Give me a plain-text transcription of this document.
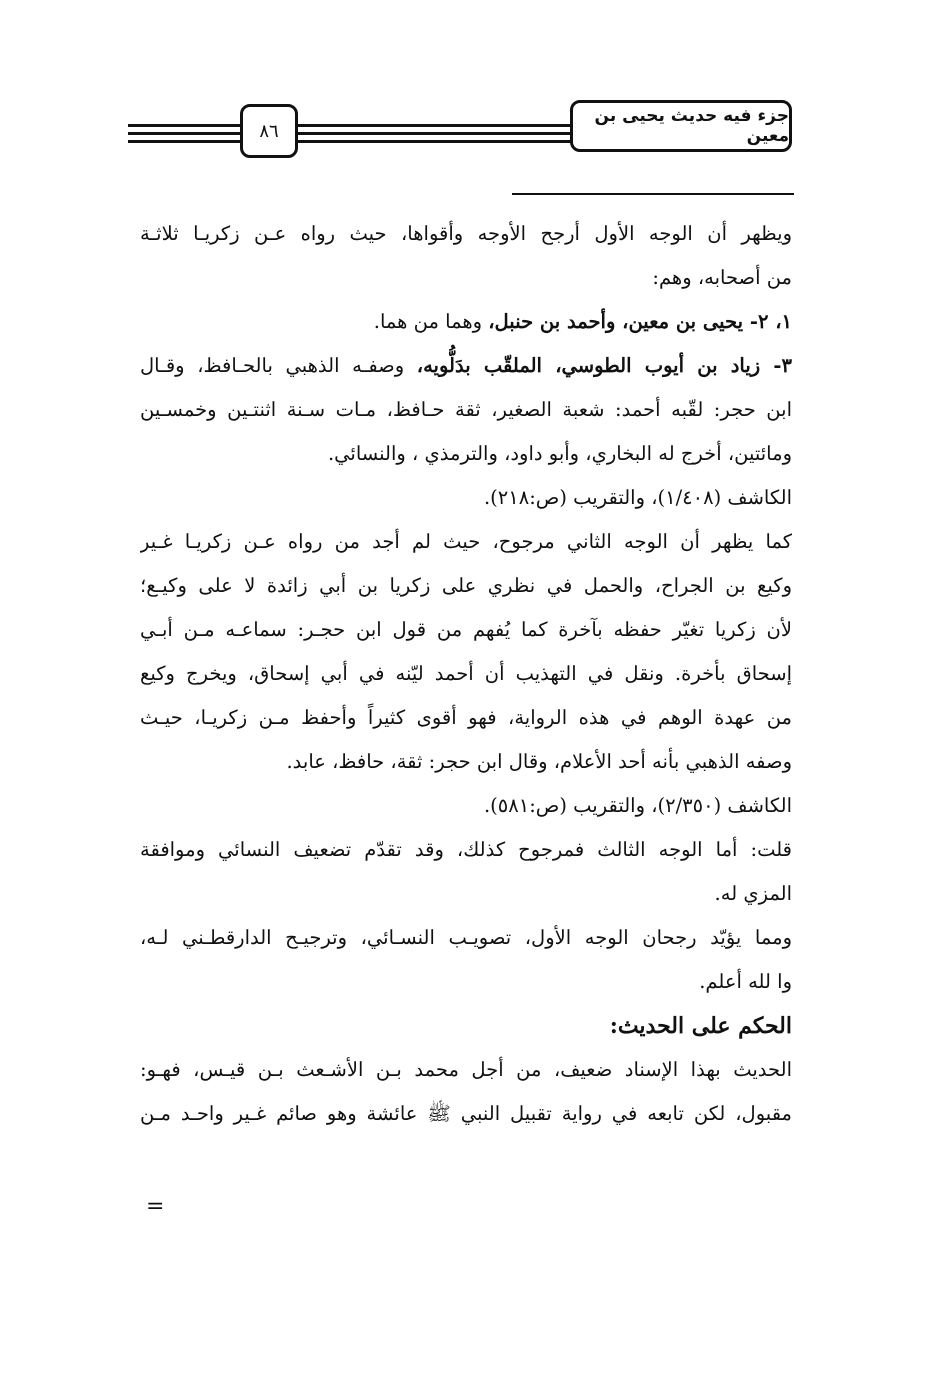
جزء فيه حديث يحيى بن معين
٨٦
ويظهر أن الوجه الأول أرجح الأوجه وأقواها، حيث رواه عـن زكريـا ثلاثـة
من أصحابه، وهم:
١، ٢- يحيى بن معين، وأحمد بن حنبل، وهما من هما.
٣- زياد بن أيوب الطوسي، الملقّب بدَلُّويه، وصفـه الذهبي بالحـافظ، وقـال
ابن حجر: لقّبه أحمد: شعبة الصغير، ثقة حـافظ، مـات سـنة اثنتـين وخمسـين
ومائتين، أخرج له البخاري، وأبو داود، والترمذي ، والنسائي.
الكاشف (١/٤٠٨)، والتقريب (ص:٢١٨).
كما يظهر أن الوجه الثاني مرجوح، حيث لم أجد من رواه عـن زكريـا غـير
وكيع بن الجراح، والحمل في نظري على زكريا بن أبي زائدة لا على وكيـع؛
لأن زكريا تغيّر حفظه بآخرة كما يُفهم من قول ابن حجـر: سماعـه مـن أبـي
إسحاق بأخرة. ونقل في التهذيب أن أحمد ليّنه في أبي إسحاق، ويخرج وكيع
من عهدة الوهم في هذه الرواية، فهو أقوى كثيراً وأحفظ مـن زكريـا، حيـث
وصفه الذهبي بأنه أحد الأعلام، وقال ابن حجر: ثقة، حافظ، عابد.
الكاشف (٢/٣٥٠)، والتقريب (ص:٥٨١).
قلت: أما الوجه الثالث فمرجوح كذلك، وقد تقدّم تضعيف النسائي وموافقة
المزي له.
ومما يؤيّد رجحان الوجه الأول، تصويـب النسـائي، وترجيـح الدارقطـني لـه،
وا لله أعلم.
الحكم على الحديث:
الحديث بهذا الإسناد ضعيف، من أجل محمد بـن الأشـعث بـن قيـس، فهـو:
مقبول، لكن تابعه في رواية تقبيل النبي ﷺ عائشة وهو صائم غـير واحـد مـن
=
